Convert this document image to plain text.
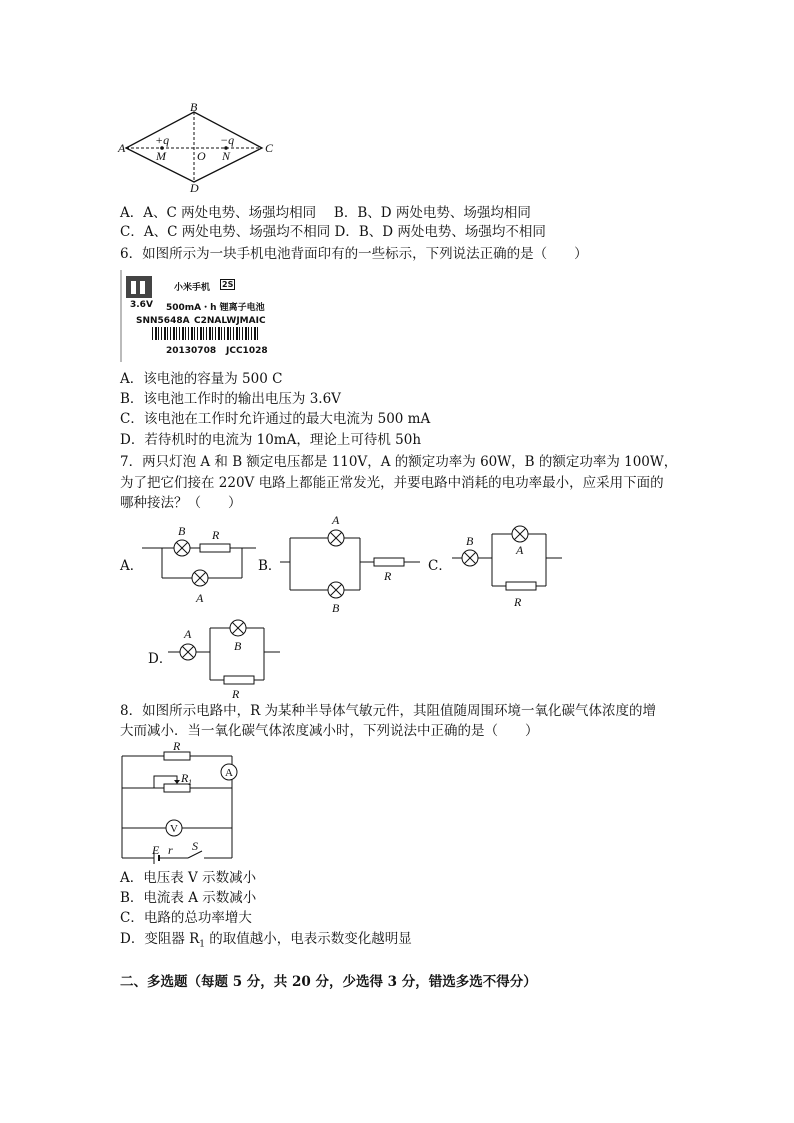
B
A	C
D
O
M	N
+q	−q
A．A、C 两处电势、场强均相同　 B．B、D 两处电势、场强均相同
C．A、C 两处电势、场强均不相同 D．B、D 两处电势、场强均不相同
6．如图所示为一块手机电池背面印有的一些标示，下列说法正确的是（　　）
小米手机 2S
3.6V 500mA・h 锂离子电池
SNN5648A C2NALWJMAIC
20130708 JCC1028
A．该电池的容量为 500 C
B．该电池工作时的输出电压为 3.6V
C．该电池在工作时允许通过的最大电流为 500 mA
D．若待机时的电流为 10mA，理论上可待机 50h
7．两只灯泡 A 和 B 额定电压都是 110V，A 的额定功率为 60W，B 的额定功率为 100W，
为了把它们接在 220V 电路上都能正常发光，并要电路中消耗的电功率最小，应采用下面的
哪种接法？（　　）
A．	B．	C．
D．
B R
A
A
B
R
B
A
R
A
B
R
8．如图所示电路中，R 为某种半导体气敏元件，其阻值随周围环境一氧化碳气体浓度的增
大而减小．当一氧化碳气体浓度减小时，下列说法中正确的是（　　）
R
R 1
A
V
E r S
A．电压表 V 示数减小
B．电流表 A 示数减小
C．电路的总功率增大
D．变阻器 $R_1$ 的取值越小，电表示数变化越明显
二、多选题（每题 5 分，共 20 分，少选得 3 分，错选多选不得分）
